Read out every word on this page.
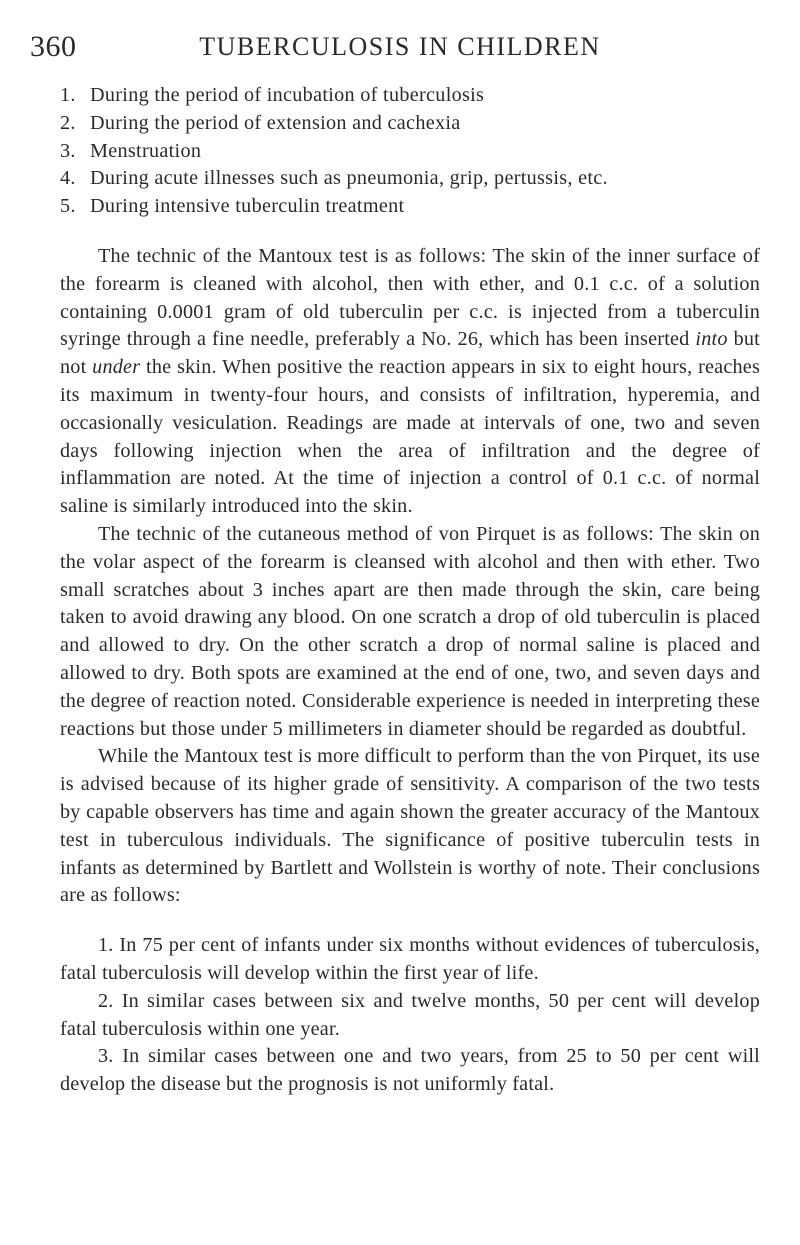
360	TUBERCULOSIS IN CHILDREN
1. During the period of incubation of tuberculosis
2. During the period of extension and cachexia
3. Menstruation
4. During acute illnesses such as pneumonia, grip, pertussis, etc.
5. During intensive tuberculin treatment

The technic of the Mantoux test is as follows: The skin of the inner surface of the forearm is cleaned with alcohol, then with ether, and 0.1 c.c. of a solution containing 0.0001 gram of old tuberculin per c.c. is injected from a tuberculin syringe through a fine needle, preferably a No. 26, which has been inserted into but not under the skin. When positive the reaction appears in six to eight hours, reaches its maximum in twenty-four hours, and consists of infiltration, hyperemia, and occasionally vesiculation. Readings are made at intervals of one, two and seven days following injection when the area of infiltration and the degree of inflammation are noted. At the time of injection a control of 0.1 c.c. of normal saline is similarly introduced into the skin.

The technic of the cutaneous method of von Pirquet is as follows: The skin on the volar aspect of the forearm is cleansed with alcohol and then with ether. Two small scratches about 3 inches apart are then made through the skin, care being taken to avoid drawing any blood. On one scratch a drop of old tuberculin is placed and allowed to dry. On the other scratch a drop of normal saline is placed and allowed to dry. Both spots are examined at the end of one, two, and seven days and the degree of reaction noted. Considerable experience is needed in interpreting these reactions but those under 5 millimeters in diameter should be regarded as doubtful.

While the Mantoux test is more difficult to perform than the von Pirquet, its use is advised because of its higher grade of sensitivity. A comparison of the two tests by capable observers has time and again shown the greater accuracy of the Mantoux test in tuberculous individuals. The significance of positive tuberculin tests in infants as determined by Bartlett and Wollstein is worthy of note. Their conclusions are as follows:

1. In 75 per cent of infants under six months without evidences of tuberculosis, fatal tuberculosis will develop within the first year of life.
2. In similar cases between six and twelve months, 50 per cent will develop fatal tuberculosis within one year.
3. In similar cases between one and two years, from 25 to 50 per cent will develop the disease but the prognosis is not uniformly fatal.
